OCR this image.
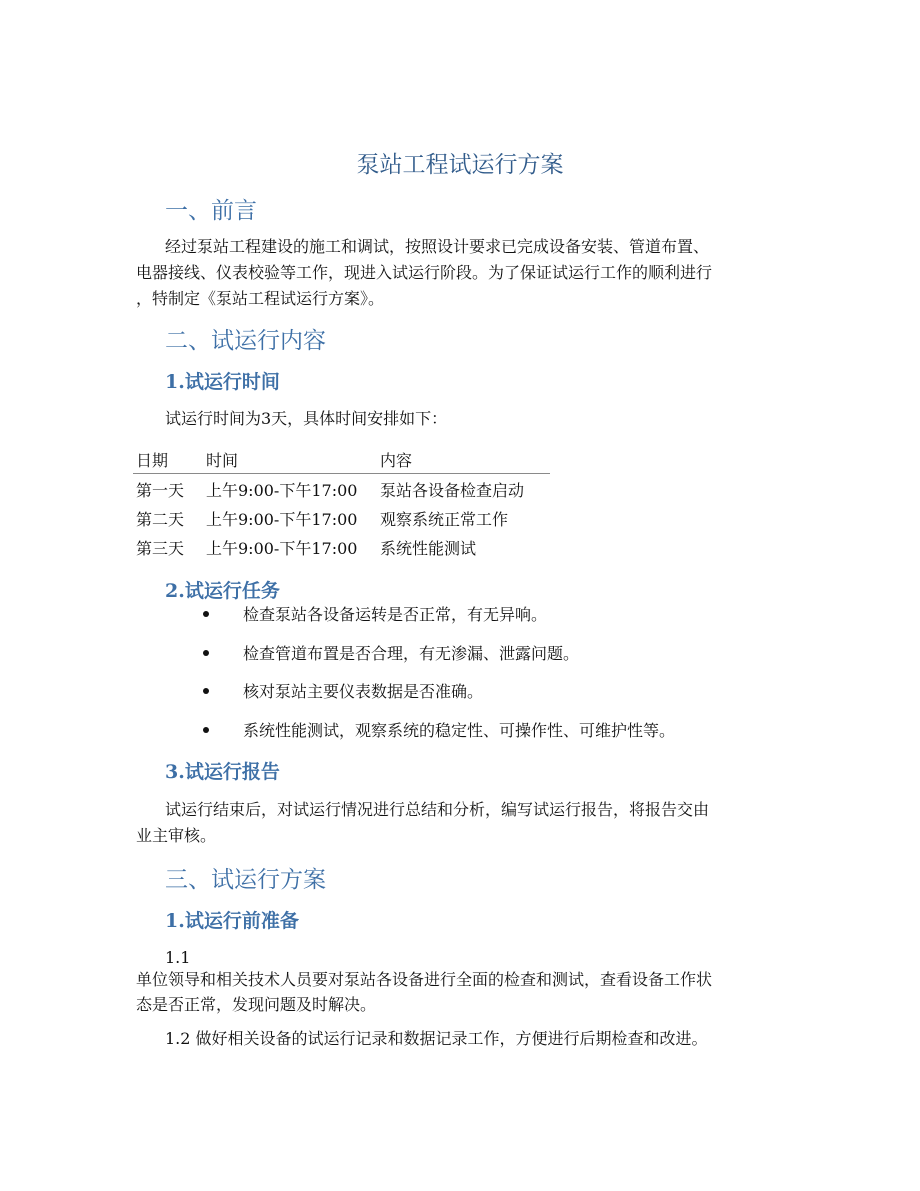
泵站工程试运行方案
一、前言
经过泵站工程建设的施工和调试，按照设计要求已完成设备安装、管道布置、
电器接线、仪表校验等工作，现进入试运行阶段。为了保证试运行工作的顺利进行
，特制定《泵站工程试运行方案》。
二、试运行内容
1.试运行时间
试运行时间为3天，具体时间安排如下：
日期 时间	内容
第一天 上午9:00-下午17:00 泵站各设备检查启动
第二天 上午9:00-下午17:00 观察系统正常工作
第三天 上午9:00-下午17:00 系统性能测试
2.试运行任务
检查泵站各设备运转是否正常，有无异响。
检查管道布置是否合理，有无渗漏、泄露问题。
核对泵站主要仪表数据是否准确。
系统性能测试，观察系统的稳定性、可操作性、可维护性等。
3.试运行报告
试运行结束后，对试运行情况进行总结和分析，编写试运行报告，将报告交由
业主审核。
三、试运行方案
1.试运行前准备
1.1
单位领导和相关技术人员要对泵站各设备进行全面的检查和测试，查看设备工作状
态是否正常，发现问题及时解决。
1.2 做好相关设备的试运行记录和数据记录工作，方便进行后期检查和改进。
